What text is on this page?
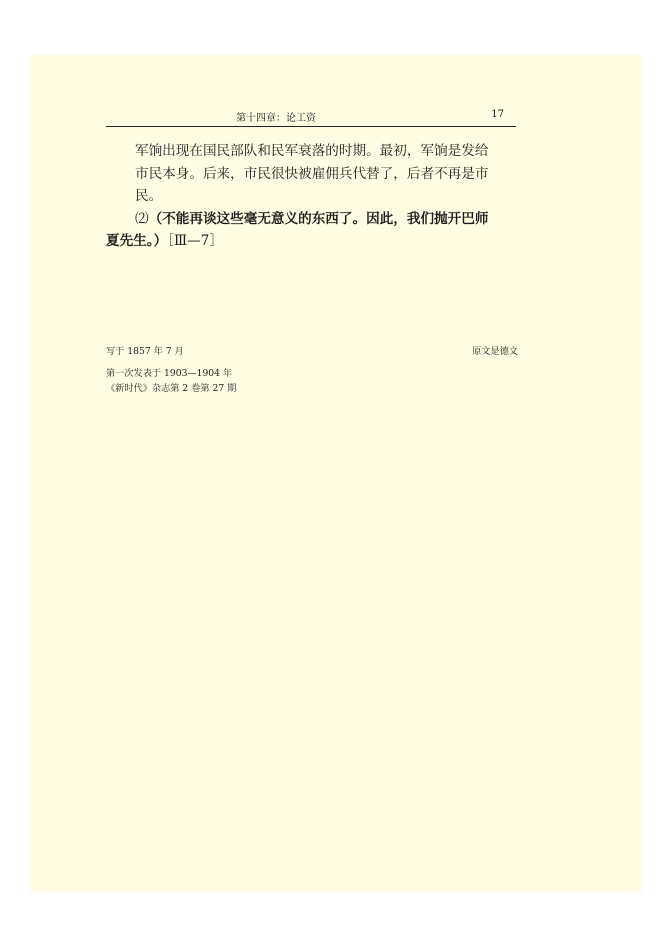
第十四章：论工资	17
军饷出现在国民部队和民军衰落的时期。最初，军饷是发给
市民本身。后来，市民很快被雇佣兵代替了，后者不再是市
民。
⑵（不能再谈这些毫无意义的东西了。因此，我们抛开巴师
夏先生。）［Ⅲ—7］
写于 1857 年 7 月	原文是德文
第一次发表于 1903—1904 年
《新时代》杂志第 2 卷第 27 期
